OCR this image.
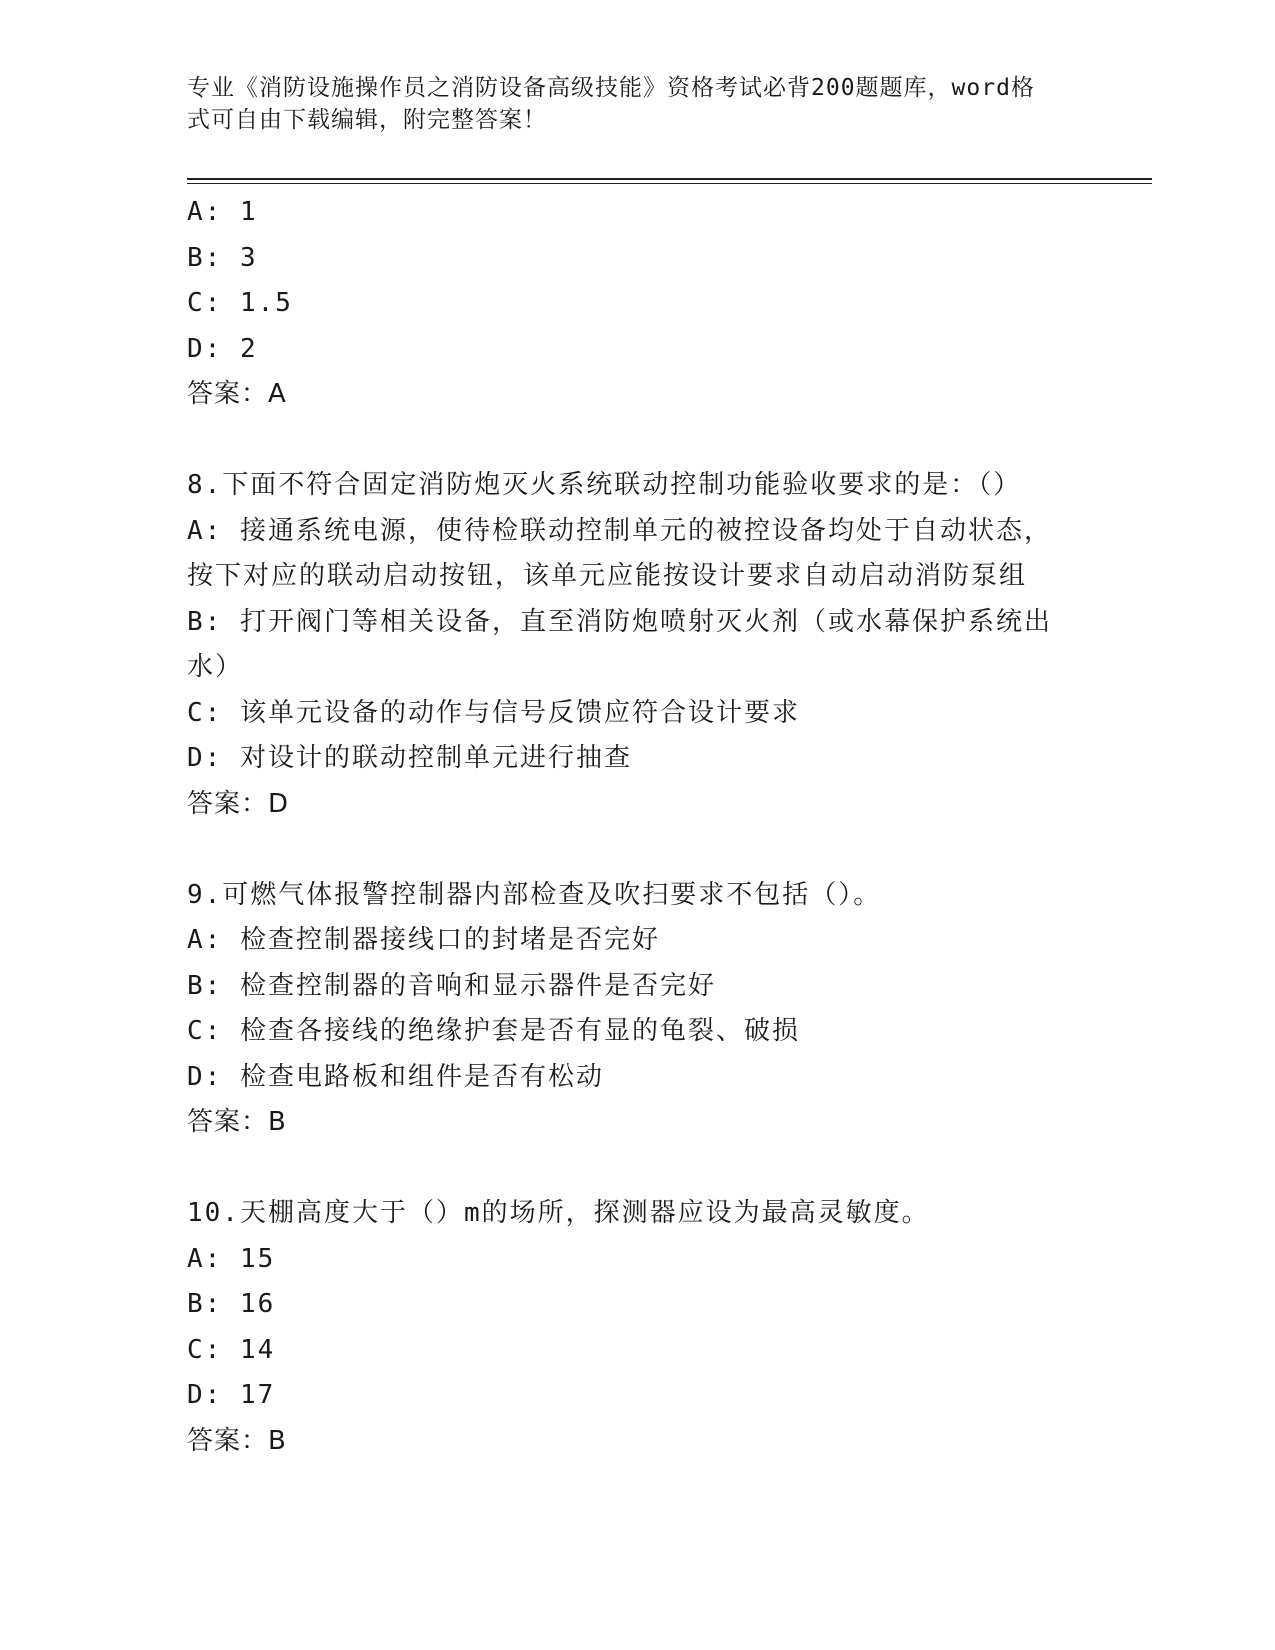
专业《消防设施操作员之消防设备高级技能》资格考试必背200题题库，word格
式可自由下载编辑，附完整答案！
A: 1
B: 3
C: 1.5
D: 2
答案：A
8.下面不符合固定消防炮灭火系统联动控制功能验收要求的是：（）
A: 接通系统电源，使待检联动控制单元的被控设备均处于自动状态，
按下对应的联动启动按钮，该单元应能按设计要求自动启动消防泵组
B: 打开阀门等相关设备，直至消防炮喷射灭火剂（或水幕保护系统出
水）
C: 该单元设备的动作与信号反馈应符合设计要求
D: 对设计的联动控制单元进行抽查
答案：D
9.可燃气体报警控制器内部检查及吹扫要求不包括（）。
A: 检查控制器接线口的封堵是否完好
B: 检查控制器的音响和显示器件是否完好
C: 检查各接线的绝缘护套是否有显的龟裂、破损
D: 检查电路板和组件是否有松动
答案：B
10.天棚高度大于（）m的场所，探测器应设为最高灵敏度。
A: 15
B: 16
C: 14
D: 17
答案：B
